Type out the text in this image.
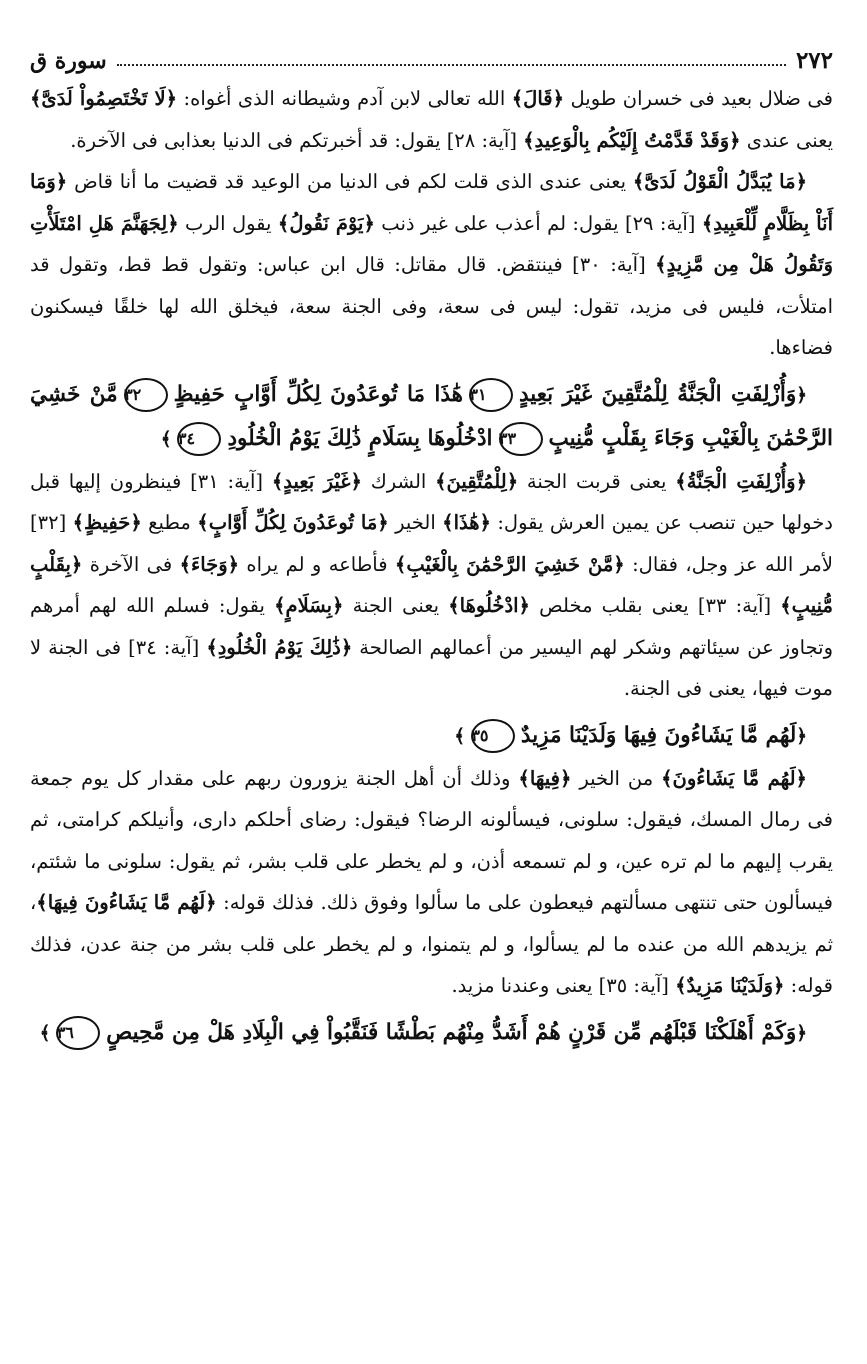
٢٧٢
سورة ق

فى ضلال بعيد فى خسران طويل ﴿قَالَ﴾ الله تعالى لابن آدم وشيطانه الذى أغواه: ﴿لَا تَخْتَصِمُواْ لَدَىَّ﴾ يعنى عندى ﴿وَقَدْ قَدَّمْتُ إِلَيْكُم بِالْوَعِيدِ﴾ [آية: ٢٨] يقول: قد أخبرتكم فى الدنيا بعذابى فى الآخرة.

﴿مَا يُبَدَّلُ الْقَوْلُ لَدَىَّ﴾ يعنى عندى الذى قلت لكم فى الدنيا من الوعيد قد قضيت ما أنا قاض ﴿وَمَا أَنَاْ بِظَلَّامٍ لِّلْعَبِيدِ﴾ [آية: ٢٩] يقول: لم أعذب على غير ذنب ﴿يَوْمَ نَقُولُ﴾ يقول الرب ﴿لِجَهَنَّمَ هَلِ امْتَلَأْتِ وَتَقُولُ هَلْ مِن مَّزِيدٍ﴾ [آية: ٣٠] فينتقض. قال مقاتل: قال ابن عباس: وتقول قط قط، وتقول قد امتلأت، فليس فى مزيد، تقول: ليس فى سعة، وفى الجنة سعة، فيخلق الله لها خلقًا فيسكنون فضاءها.

﴿وَأُزْلِفَتِ الْجَنَّةُ لِلْمُتَّقِينَ غَيْرَ بَعِيدٍ٣١هَٰذَا مَا تُوعَدُونَ لِكُلِّ أَوَّابٍ حَفِيظٍ٣٢مَّنْ خَشِيَ الرَّحْمَٰنَ بِالْغَيْبِ وَجَاءَ بِقَلْبٍ مُّنِيبٍ٣٣ادْخُلُوهَا بِسَلَامٍ ذَٰلِكَ يَوْمُ الْخُلُودِ٣٤﴾

﴿وَأُزْلِفَتِ الْجَنَّةُ﴾ يعنى قربت الجنة ﴿لِلْمُتَّقِينَ﴾ الشرك ﴿غَيْرَ بَعِيدٍ﴾ [آية: ٣١] فينظرون إليها قبل دخولها حين تنصب عن يمين العرش يقول: ﴿هَٰذَا﴾ الخير ﴿مَا تُوعَدُونَ لِكُلِّ أَوَّابٍ﴾ مطيع ﴿حَفِيظٍ﴾ [٣٢] لأمر الله عز وجل، فقال: ﴿مَّنْ خَشِيَ الرَّحْمَٰنَ بِالْغَيْبِ﴾ فأطاعه و لم يراه ﴿وَجَاءَ﴾ فى الآخرة ﴿بِقَلْبٍ مُّنِيبٍ﴾ [آية: ٣٣] يعنى بقلب مخلص ﴿ادْخُلُوهَا﴾ يعنى الجنة ﴿بِسَلَامٍ﴾ يقول: فسلم الله لهم أمرهم وتجاوز عن سيئاتهم وشكر لهم اليسير من أعمالهم الصالحة ﴿ذَٰلِكَ يَوْمُ الْخُلُودِ﴾ [آية: ٣٤] فى الجنة لا موت فيها، يعنى فى الجنة.

﴿لَهُم مَّا يَشَاءُونَ فِيهَا وَلَدَيْنَا مَزِيدٌ٣٥﴾

﴿لَهُم مَّا يَشَاءُونَ﴾ من الخير ﴿فِيهَا﴾ وذلك أن أهل الجنة يزورون ربهم على مقدار كل يوم جمعة فى رمال المسك، فيقول: سلونى، فيسألونه الرضا؟ فيقول: رضاى أحلكم دارى، وأنيلكم كرامتى، ثم يقرب إليهم ما لم تره عين، و لم تسمعه أذن، و لم يخطر على قلب بشر، ثم يقول: سلونى ما شئتم، فيسألون حتى تنتهى مسألتهم فيعطون على ما سألوا وفوق ذلك. فذلك قوله: ﴿لَهُم مَّا يَشَاءُونَ فِيهَا﴾، ثم يزيدهم الله من عنده ما لم يسألوا، و لم يتمنوا، و لم يخطر على قلب بشر من جنة عدن، فذلك قوله: ﴿وَلَدَيْنَا مَزِيدٌ﴾ [آية: ٣٥] يعنى وعندنا مزيد.

﴿وَكَمْ أَهْلَكْنَا قَبْلَهُم مِّن قَرْنٍ هُمْ أَشَدُّ مِنْهُم بَطْشًا فَنَقَّبُواْ فِي الْبِلَادِ هَلْ مِن مَّحِيصٍ٣٦﴾
